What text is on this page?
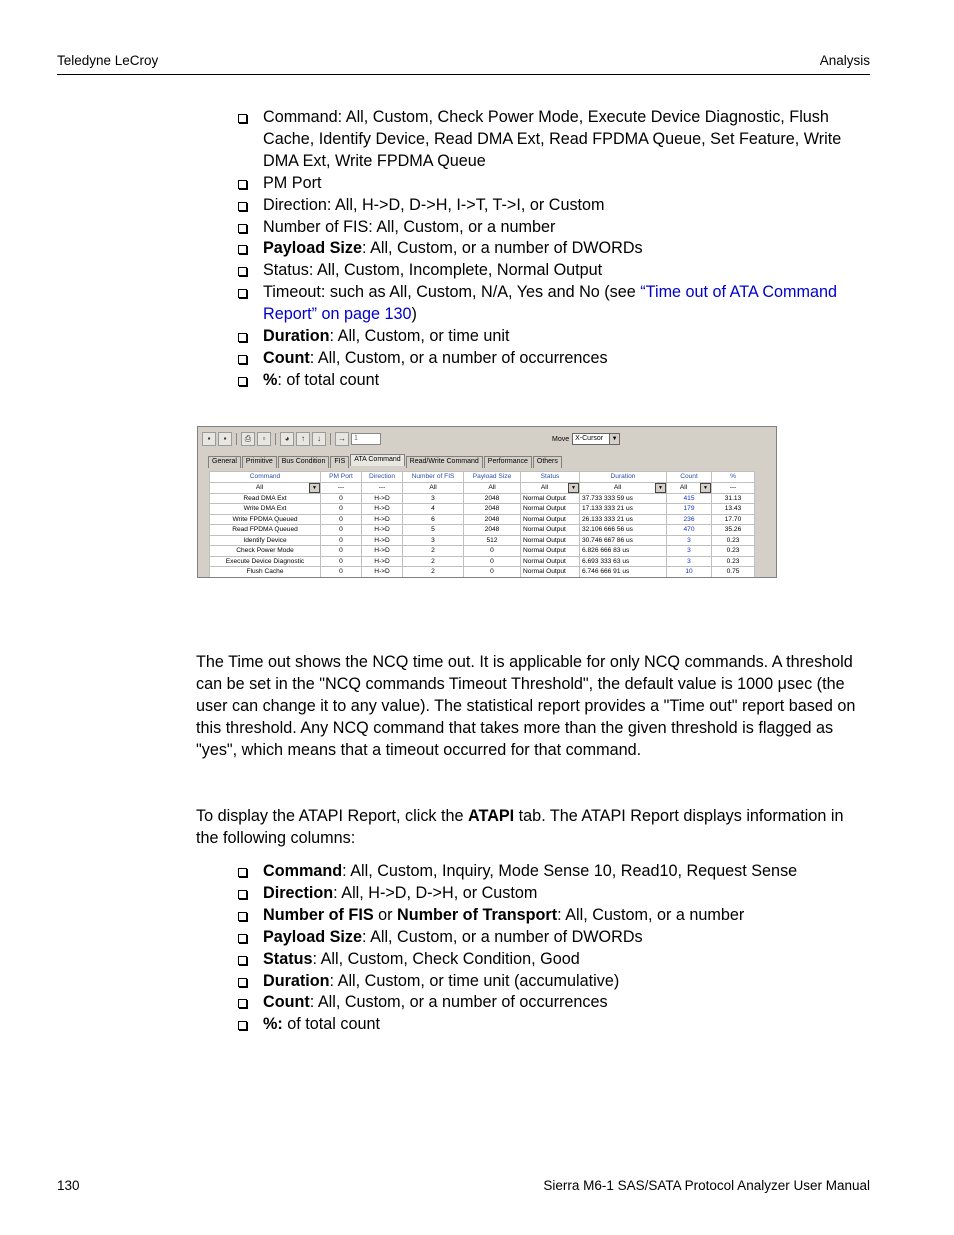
Teledyne LeCroy	Analysis
Command: All, Custom, Check Power Mode, Execute Device Diagnostic, Flush Cache, Identify Device, Read DMA Ext, Read FPDMA Queue, Set Feature, Write DMA Ext, Write FPDMA Queue
PM Port
Direction: All, H->D, D->H, I->T, T->I, or Custom
Number of FIS: All, Custom, or a number
Payload Size: All, Custom, or a number of DWORDs
Status: All, Custom, Incomplete, Normal Output
Timeout: such as All, Custom, N/A, Yes and No (see “Time out of ATA Command Report” on page 130)
Duration: All, Custom, or time unit
Count: All, Custom, or a number of occurrences
%: of total count
▪	▪	⎙	▫	◕	↑	↓	→	1	Move X-Cursor	▼
General	Primitive	Bus Condition	FIS	ATA Command	Read/Write Command	Performance	Others
Command	PM Port	Direction	Number of FIS	Payload Size	Status	Duration	Count	%

All ▼	---	---	All	All	All ▼	All ▼	All ▼	---
Read DMA Ext	0	H->D	3	2048	Normal Output	37.733 333 59 us	415	31.13
Write DMA Ext	0	H->D	4	2048	Normal Output	17.133 333 21 us	179	13.43
Write FPDMA Queued	0	H->D	6	2048	Normal Output	26.133 333 21 us	236	17.70
Read FPDMA Queued	0	H->D	5	2048	Normal Output	32.106 666 56 us	470	35.26
Identify Device	0	H->D	3	512	Normal Output	30.746 667 86 us	3	0.23
Check Power Mode	0	H->D	2	0	Normal Output	6.826 666 83 us	3	0.23
Execute Device Diagnostic	0	H->D	2	0	Normal Output	6.693 333 63 us	3	0.23
Flush Cache	0	H->D	2	0	Normal Output	6.746 666 91 us	10	0.75

The Time out shows the NCQ time out. It is applicable for only NCQ commands. A threshold can be set in the "NCQ commands Timeout Threshold", the default value is 1000 μsec (the user can change it to any value). The statistical report provides a "Time out" report based on this threshold. Any NCQ command that takes more than the given threshold is flagged as "yes", which means that a timeout occurred for that command.

To display the ATAPI Report, click the ATAPI tab. The ATAPI Report displays information in the following columns:

Command: All, Custom, Inquiry, Mode Sense 10, Read10, Request Sense
Direction: All, H->D, D->H, or Custom
Number of FIS or Number of Transport: All, Custom, or a number
Payload Size: All, Custom, or a number of DWORDs
Status: All, Custom, Check Condition, Good
Duration: All, Custom, or time unit (accumulative)
Count: All, Custom, or a number of occurrences
%: of total count
130	Sierra M6-1 SAS/SATA Protocol Analyzer User Manual
